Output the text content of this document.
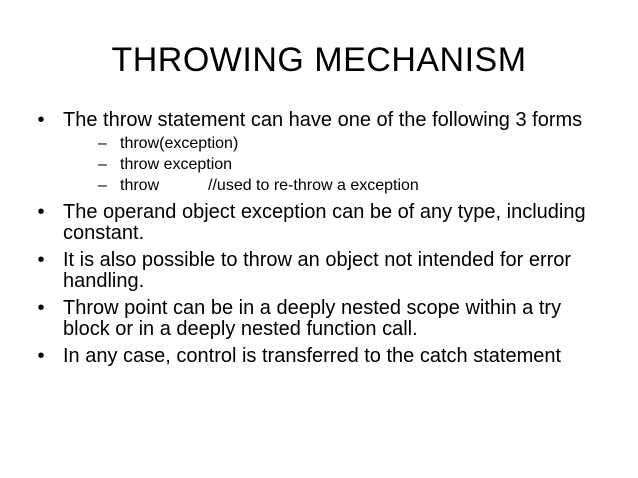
THROWING MECHANISM
• The throw statement can have one of the following 3 forms
– throw(exception)
– throw exception
– throw           //used to re-throw a exception
• The operand object exception can be of any type, including constant.
• It is also possible to throw an object not intended for error handling.
• Throw point can be in a deeply nested scope within a try block or in a deeply nested function call.
• In any case, control is transferred to the catch statement
